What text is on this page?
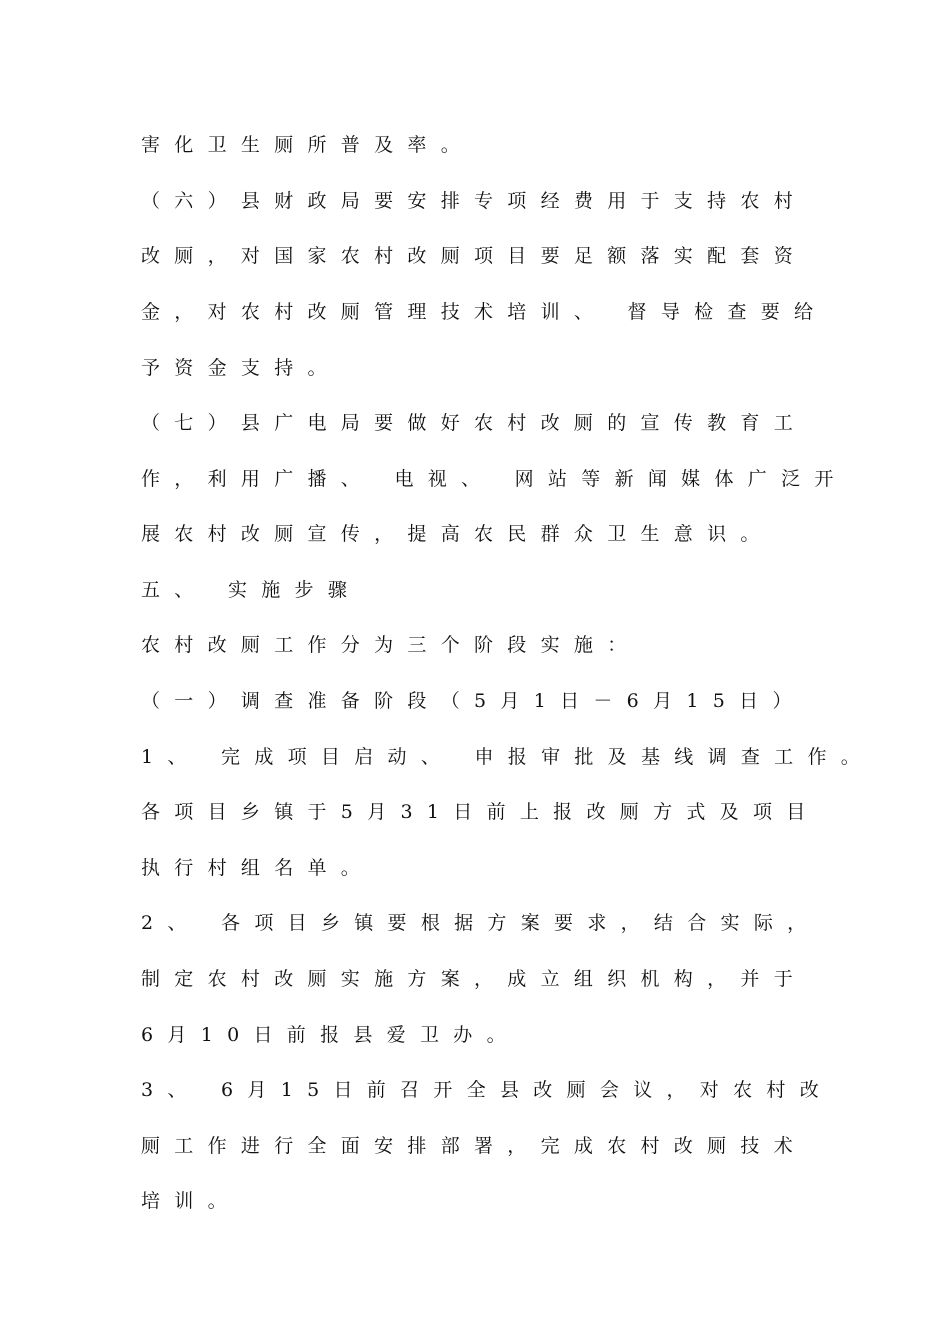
害化卫生厕所普及率。
（六）县财政局要安排专项经费用于支持农村
改厕，对国家农村改厕项目要足额落实配套资
金，对农村改厕管理技术培训、 督导检查要给
予资金支持。
（七）县广电局要做好农村改厕的宣传教育工
作，利用广播、 电视、 网站等新闻媒体广泛开
展农村改厕宣传，提高农民群众卫生意识。
五、 实施步骤
农村改厕工作分为三个阶段实施：
（一）调查准备阶段（5月1日－6月15日）
1、 完成项目启动、 申报审批及基线调查工作。
各项目乡镇于5月31日前上报改厕方式及项目
执行村组名单。
2、 各项目乡镇要根据方案要求，结合实际，
制定农村改厕实施方案，成立组织机构，并于
6月10日前报县爱卫办。
3、 6月15日前召开全县改厕会议，对农村改
厕工作进行全面安排部署，完成农村改厕技术
培训。
